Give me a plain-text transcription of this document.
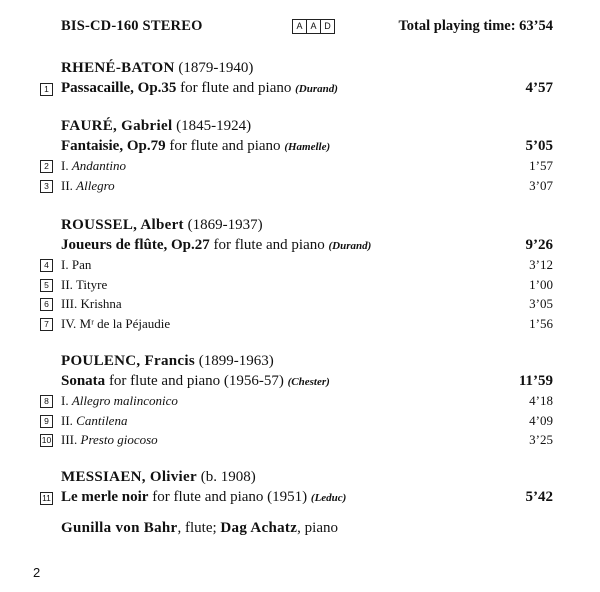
BIS-CD-160 STEREO	A A D	Total playing time: 63’54
RHENÉ-BATON (1879-1940)
1 Passacaille, Op.35 for flute and piano (Durand)	4’57
FAURÉ, Gabriel (1845-1924)
Fantaisie, Op.79 for flute and piano (Hamelle)	5’05
2 I. Andantino	1’57
3 II. Allegro	3’07
ROUSSEL, Albert (1869-1937)
Joueurs de flûte, Op.27 for flute and piano (Durand)	9’26
4 I. Pan	3’12
5 II. Tityre	1’00
6 III. Krishna	3’05
7 IV. Mʳ de la Péjaudie	1’56
POULENC, Francis (1899-1963)
Sonata for flute and piano (1956-57) (Chester)	11’59
8 I. Allegro malinconico	4’18
9 II. Cantilena	4’09
10 III. Presto giocoso	3’25
MESSIAEN, Olivier (b. 1908)
11 Le merle noir for flute and piano (1951) (Leduc)	5’42
Gunilla von Bahr, flute; Dag Achatz, piano
2
